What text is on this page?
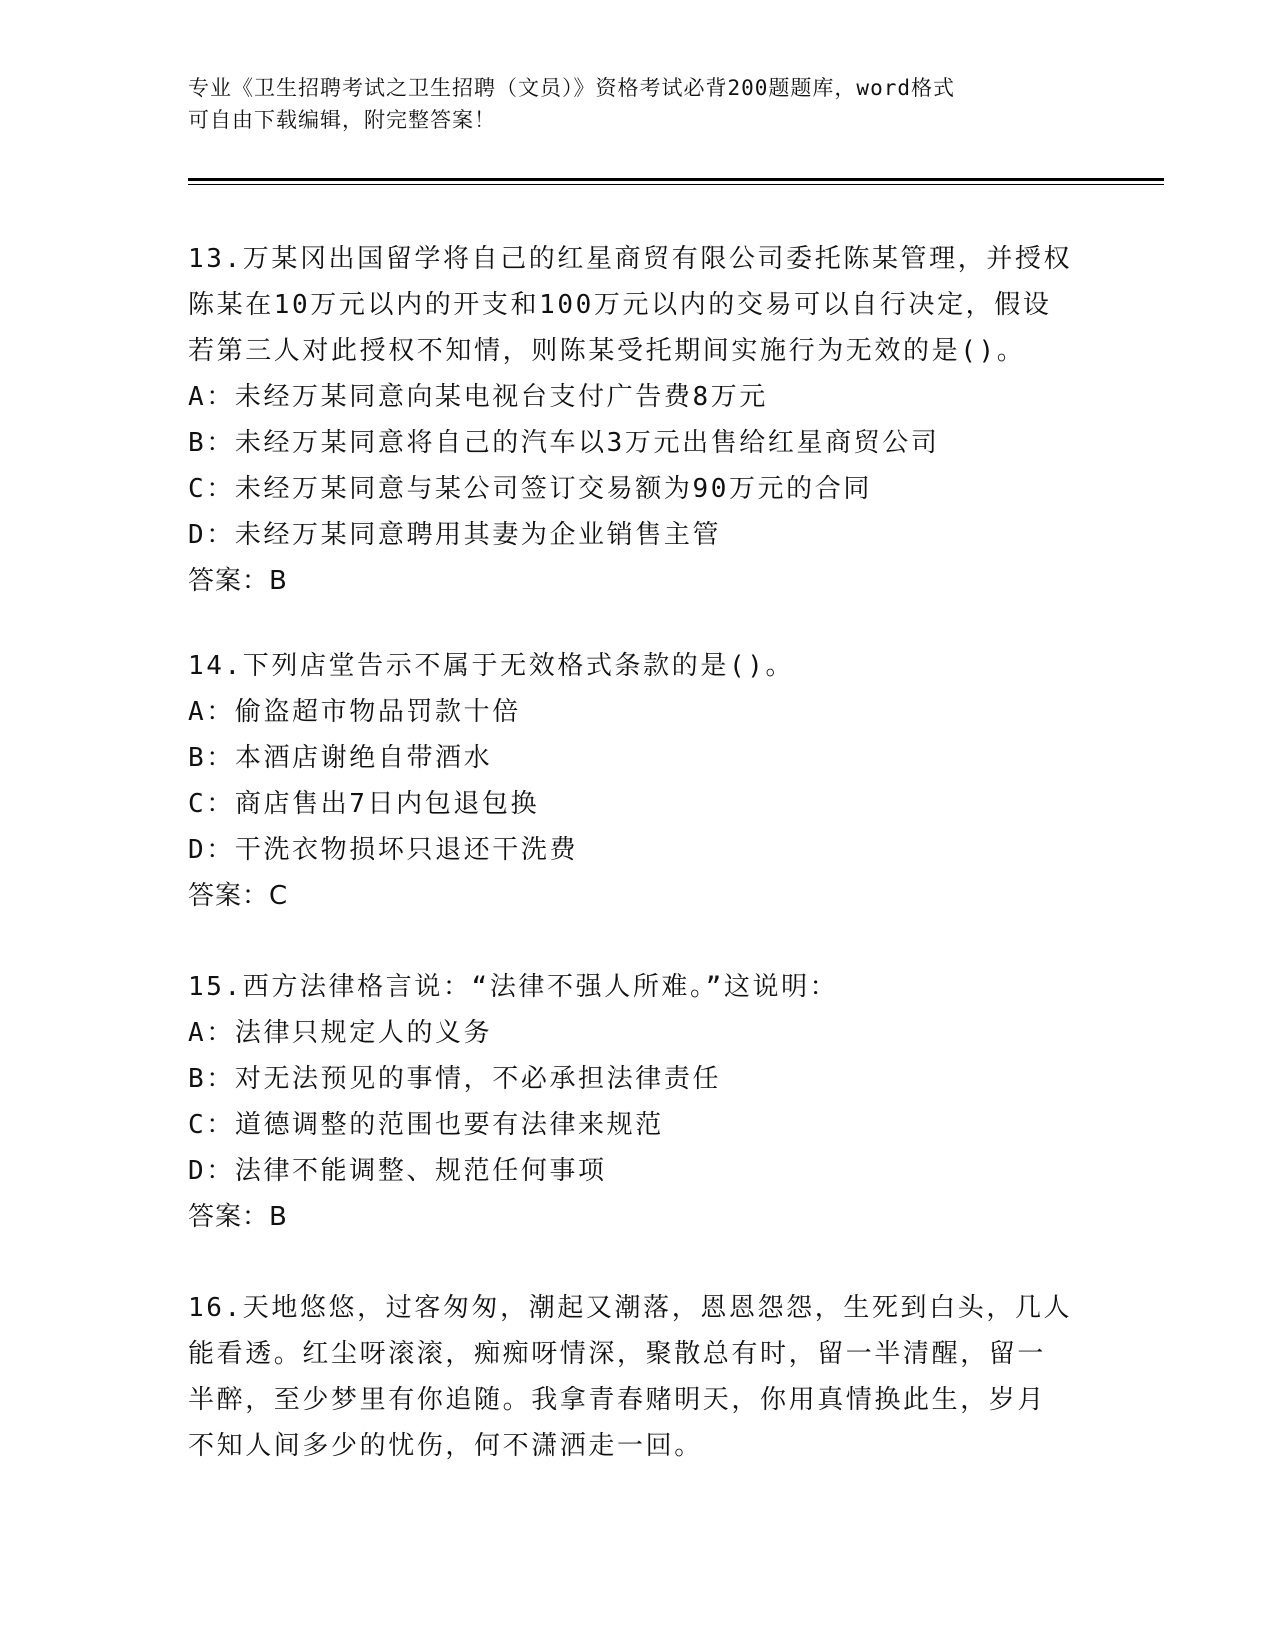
专业《卫生招聘考试之卫生招聘（文员）》资格考试必背200题题库，word格式
可自由下载编辑，附完整答案！
13.万某冈出国留学将自己的红星商贸有限公司委托陈某管理，并授权
陈某在10万元以内的开支和100万元以内的交易可以自行决定，假设
若第三人对此授权不知情，则陈某受托期间实施行为无效的是()。
A：未经万某同意向某电视台支付广告费8万元
B：未经万某同意将自己的汽车以3万元出售给红星商贸公司
C：未经万某同意与某公司签订交易额为90万元的合同
D：未经万某同意聘用其妻为企业销售主管
答案：B
14.下列店堂告示不属于无效格式条款的是()。
A：偷盗超市物品罚款十倍
B：本酒店谢绝自带酒水
C：商店售出7日内包退包换
D：干洗衣物损坏只退还干洗费
答案：C
15.西方法律格言说：“法律不强人所难。”这说明：
A：法律只规定人的义务
B：对无法预见的事情，不必承担法律责任
C：道德调整的范围也要有法律来规范
D：法律不能调整、规范任何事项
答案：B
16.天地悠悠，过客匆匆，潮起又潮落，恩恩怨怨，生死到白头，几人
能看透。红尘呀滚滚，痴痴呀情深，聚散总有时，留一半清醒，留一
半醉，至少梦里有你追随。我拿青春赌明天，你用真情换此生，岁月
不知人间多少的忧伤，何不潇洒走一回。
